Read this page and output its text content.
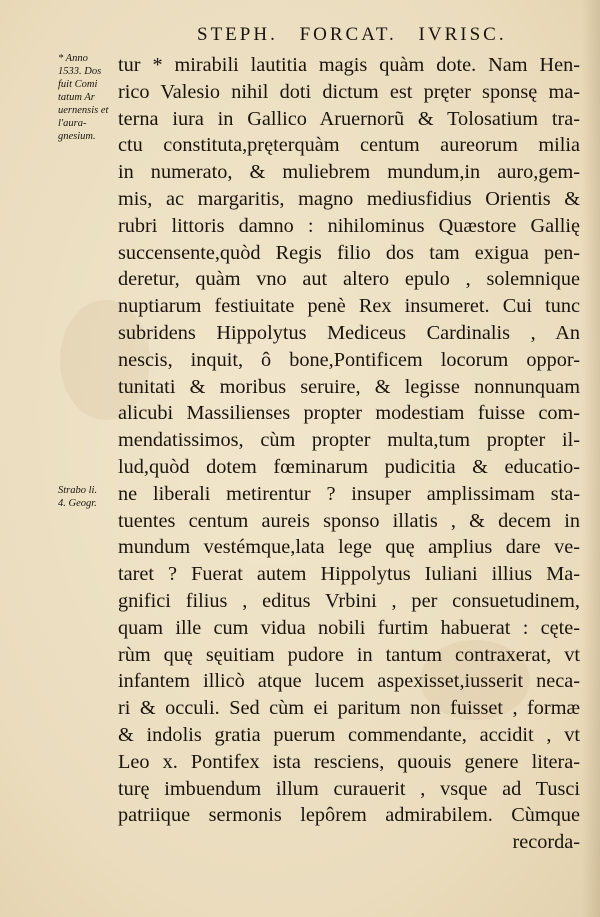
STEPH. FORCAT. IVRISC.
* Anno
1533. Dos
fuit Comi
tatum Ar
uernensis et
l'aura-
gnesium.
Strabo li.
4. Geogr.
tur * mirabili lautitia magis quàm dote. Nam Hen-
rico Valesio nihil doti dictum est pręter sponsę ma-
terna iura in Gallico Aruernorũ & Tolosatium tra-
ctu constituta,pręterquàm centum aureorum milia
in numerato, & muliebrem mundum,in auro,gem-
mis, ac margaritis, magno mediusfidius Orientis &
rubri littoris damno : nihilominus Quæstore Gallię
succensente,quòd Regis filio dos tam exigua pen-
deretur, quàm vno aut altero epulo , solemnique
nuptiarum festiuitate penè Rex insumeret. Cui tunc
subridens Hippolytus Mediceus Cardinalis , An
nescis, inquit, ô bone,Pontificem locorum oppor-
tunitati & moribus seruire, & legisse nonnunquam
alicubi Massilienses propter modestiam fuisse com-
mendatissimos, cùm propter multa,tum propter il-
lud,quòd dotem fœminarum pudicitia & educatio-
ne liberali metirentur ? insuper amplissimam sta-
tuentes centum aureis sponso illatis , & decem in
mundum vestémque,lata lege quę amplius dare ve-
taret ? Fuerat autem Hippolytus Iuliani illius Ma-
gnifici filius , editus Vrbini , per consuetudinem,
quam ille cum vidua nobili furtim habuerat : cęte-
rùm quę sęuitiam pudore in tantum contraxerat, vt
infantem illicò atque lucem aspexisset,iusserit neca-
ri & occuli. Sed cùm ei paritum non fuisset , formæ
& indolis gratia puerum commendante, accidit , vt
Leo x. Pontifex ista resciens, quouis genere litera-
turę imbuendum illum curauerit , vsque ad Tusci
patriique sermonis lepôrem admirabilem. Cùmque
recorda-
